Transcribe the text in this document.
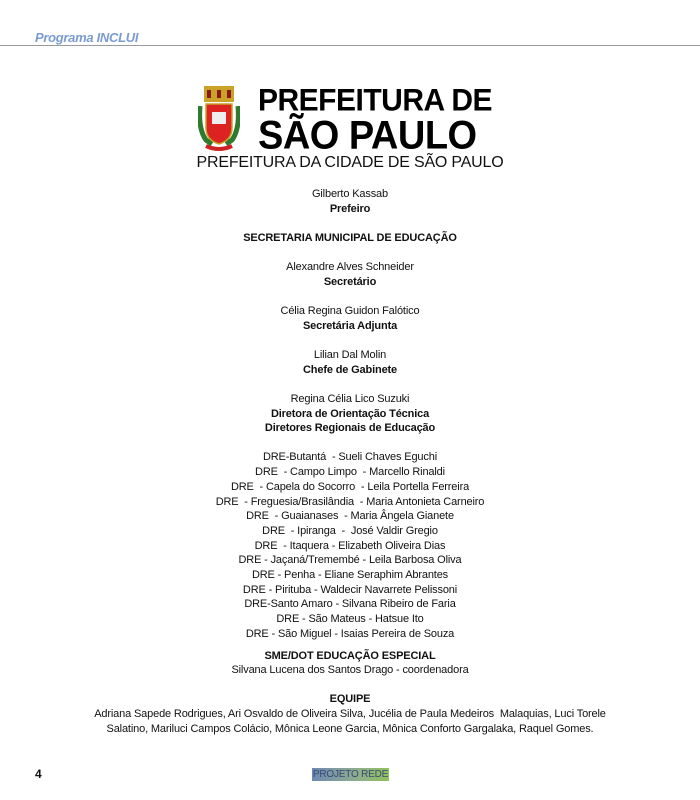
Programa INCLUI
PREFEITURA DE
SÃO PAULO
PREFEITURA DA CIDADE DE SÃO PAULO
Gilberto Kassab
Prefeiro
SECRETARIA MUNICIPAL DE EDUCAÇÃO
Alexandre Alves Schneider
Secretário
Célia Regina Guidon Falótico
Secretária Adjunta
Lilian Dal Molin
Chefe de Gabinete
Regina Célia Lico Suzuki
Diretora de Orientação Técnica
Diretores Regionais de Educação
DRE-Butantá  - Sueli Chaves Eguchi
DRE  - Campo Limpo  - Marcello Rinaldi
DRE  - Capela do Socorro  - Leila Portella Ferreira
DRE  - Freguesia/Brasilândia  - Maria Antonieta Carneiro
DRE  - Guaianases  - Maria Ângela Gianete
DRE  - Ipiranga  -  José Valdir Gregio
DRE  - Itaquera - Elizabeth Oliveira Dias
DRE - Jaçaná/Tremembé - Leila Barbosa Oliva
DRE - Penha - Eliane Seraphim Abrantes
DRE - Pirituba - Waldecir Navarrete Pelissoni
DRE-Santo Amaro - Silvana Ribeiro de Faria
DRE - São Mateus - Hatsue Ito
DRE - São Miguel - Isaias Pereira de Souza
SME/DOT EDUCAÇÃO ESPECIAL
Silvana Lucena dos Santos Drago - coordenadora
EQUIPE
Adriana Sapede Rodrigues, Ari Osvaldo de Oliveira Silva, Jucélia de Paula Medeiros  Malaquias, Luci Torele
Salatino, Mariluci Campos Colácio, Mônica Leone Garcia, Mônica Conforto Gargalaka, Raquel Gomes.
4	PROJETO REDE
